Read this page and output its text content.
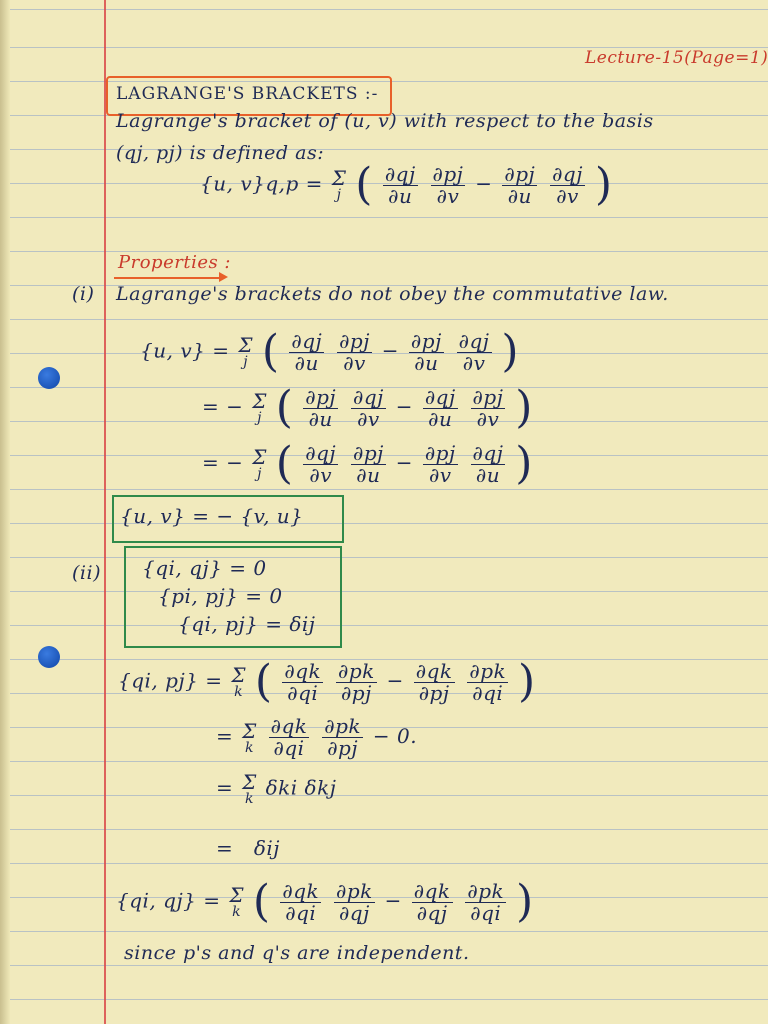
Lecture-15(Page=1)
LAGRANGE'S BRACKETS :-
Lagrange's bracket of (u, v) with respect to the basis
(qj, pj) is defined as:
{u, v}q,p = Σ
j ( $\frac{\partial qj}{\partial u}$
$\frac{\partial pj}{\partial v} - \frac{\partial pj}{\partial u}$
$\frac{\partial qj}{\partial v}$ )
Properties :
(i) Lagrange's brackets do not obey the commutative law.
{u, v} = Σ
j ( $\frac{\partial qj}{\partial u}$
$\frac{\partial pj}{\partial v} - \frac{\partial pj}{\partial u}$
$\frac{\partial qj}{\partial v}$ )
= − Σ
j ( $\frac{\partial pj}{\partial u}$
$\frac{\partial qj}{\partial v} - \frac{\partial qj}{\partial u}$
$\frac{\partial pj}{\partial v}$ )
= − Σ
j ( $\frac{\partial qj}{\partial v}$
$\frac{\partial pj}{\partial u} - \frac{\partial pj}{\partial v}$
$\frac{\partial qj}{\partial u}$ )
{u, v} = − {v, u}
(ii) {qi, qj} = 0
{pi, pj} = 0
{qi, pj} = δij
{qi, pj} = Σ
k ( $\frac{\partial qk}{\partial qi}$
$\frac{\partial pk}{\partial pj} - \frac{\partial qk}{\partial pj}$
$\frac{\partial pk}{\partial qi}$ )
= Σ
k
$\frac{\partial qk}{\partial qi}$
$\frac{\partial pk}{\partial pj} - 0$.
= Σ
k δki δkj
= δij
{qi, qj} = Σ
k ( $\frac{\partial qk}{\partial qi}$
$\frac{\partial pk}{\partial qj} - \frac{\partial qk}{\partial qj}$
$\frac{\partial pk}{\partial qi}$ )
since p's and q's are independent.
